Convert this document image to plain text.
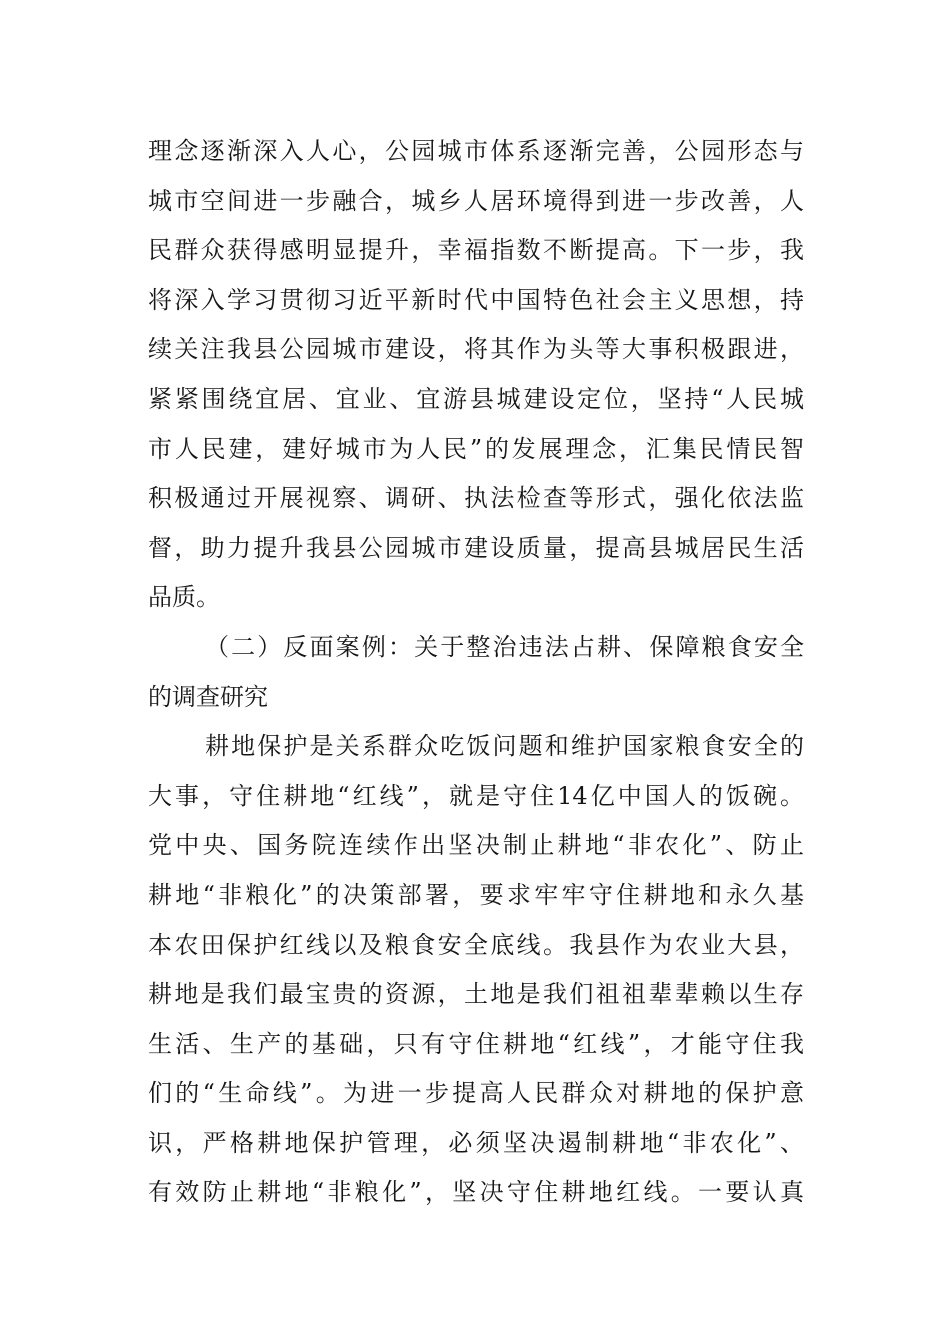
理念逐渐深入人心，公园城市体系逐渐完善，公园形态与
城市空间进一步融合，城乡人居环境得到进一步改善，人
民群众获得感明显提升，幸福指数不断提高。下一步，我
将深入学习贯彻习近平新时代中国特色社会主义思想，持
续关注我县公园城市建设，将其作为头等大事积极跟进，
紧紧围绕宜居、宜业、宜游县城建设定位，坚持“人民城
市人民建，建好城市为人民”的发展理念，汇集民情民智
积极通过开展视察、调研、执法检查等形式，强化依法监
督，助力提升我县公园城市建设质量，提高县城居民生活
品质。
（二）反面案例：关于整治违法占耕、保障粮食安全
的调查研究
耕地保护是关系群众吃饭问题和维护国家粮食安全的
大事，守住耕地“红线”，就是守住14亿中国人的饭碗。
党中央、国务院连续作出坚决制止耕地“非农化”、防止
耕地“非粮化”的决策部署，要求牢牢守住耕地和永久基
本农田保护红线以及粮食安全底线。我县作为农业大县，
耕地是我们最宝贵的资源，土地是我们祖祖辈辈赖以生存
生活、生产的基础，只有守住耕地“红线”，才能守住我
们的“生命线”。为进一步提高人民群众对耕地的保护意
识，严格耕地保护管理，必须坚决遏制耕地“非农化”、
有效防止耕地“非粮化”，坚决守住耕地红线。一要认真
